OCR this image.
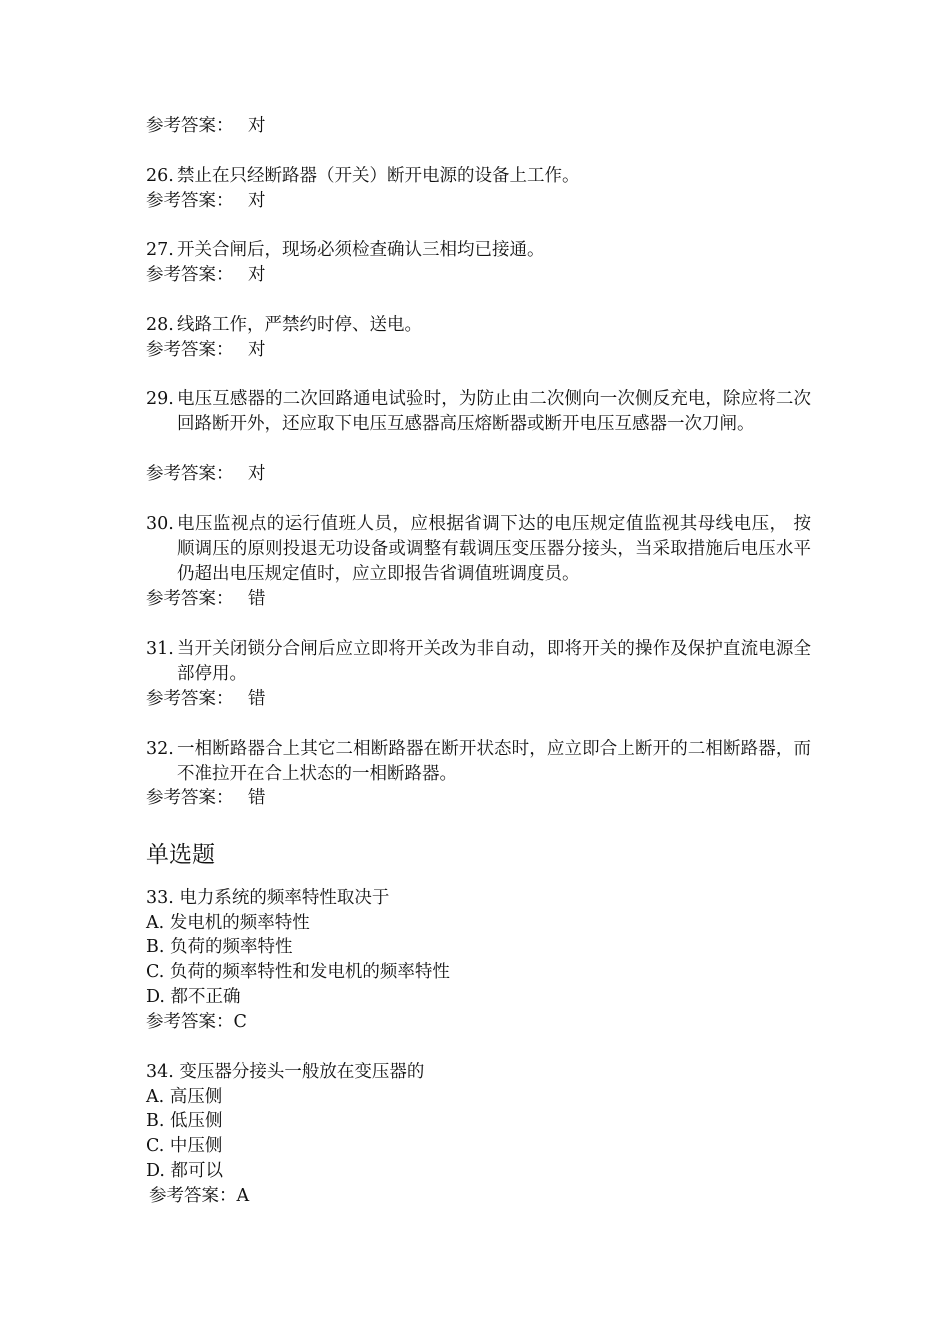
参考答案： 对
26. 禁止在只经断路器（开关）断开电源的设备上工作。
参考答案： 对
27. 开关合闸后，现场必须检查确认三相均已接通。
参考答案： 对
28. 线路工作，严禁约时停、送电。
参考答案： 对
29. 电压互感器的二次回路通电试验时，为防止由二次侧向一次侧反充电，除应将二次回路断开外，还应取下电压互感器高压熔断器或断开电压互感器一次刀闸。
参考答案： 对
30. 电压监视点的运行值班人员，应根据省调下达的电压规定值监视其母线电压， 按顺调压的原则投退无功设备或调整有载调压变压器分接头，当采取措施后电压水平仍超出电压规定值时，应立即报告省调值班调度员。
参考答案： 错
31. 当开关闭锁分合闸后应立即将开关改为非自动，即将开关的操作及保护直流电源全部停用。
参考答案： 错
32. 一相断路器合上其它二相断路器在断开状态时，应立即合上断开的二相断路器，而不准拉开在合上状态的一相断路器。
参考答案： 错
单选题
33. 电力系统的频率特性取决于
A. 发电机的频率特性
B. 负荷的频率特性
C. 负荷的频率特性和发电机的频率特性
D. 都不正确
参考答案：C
34. 变压器分接头一般放在变压器的
A. 高压侧
B. 低压侧
C. 中压侧
D. 都可以
参考答案：A
